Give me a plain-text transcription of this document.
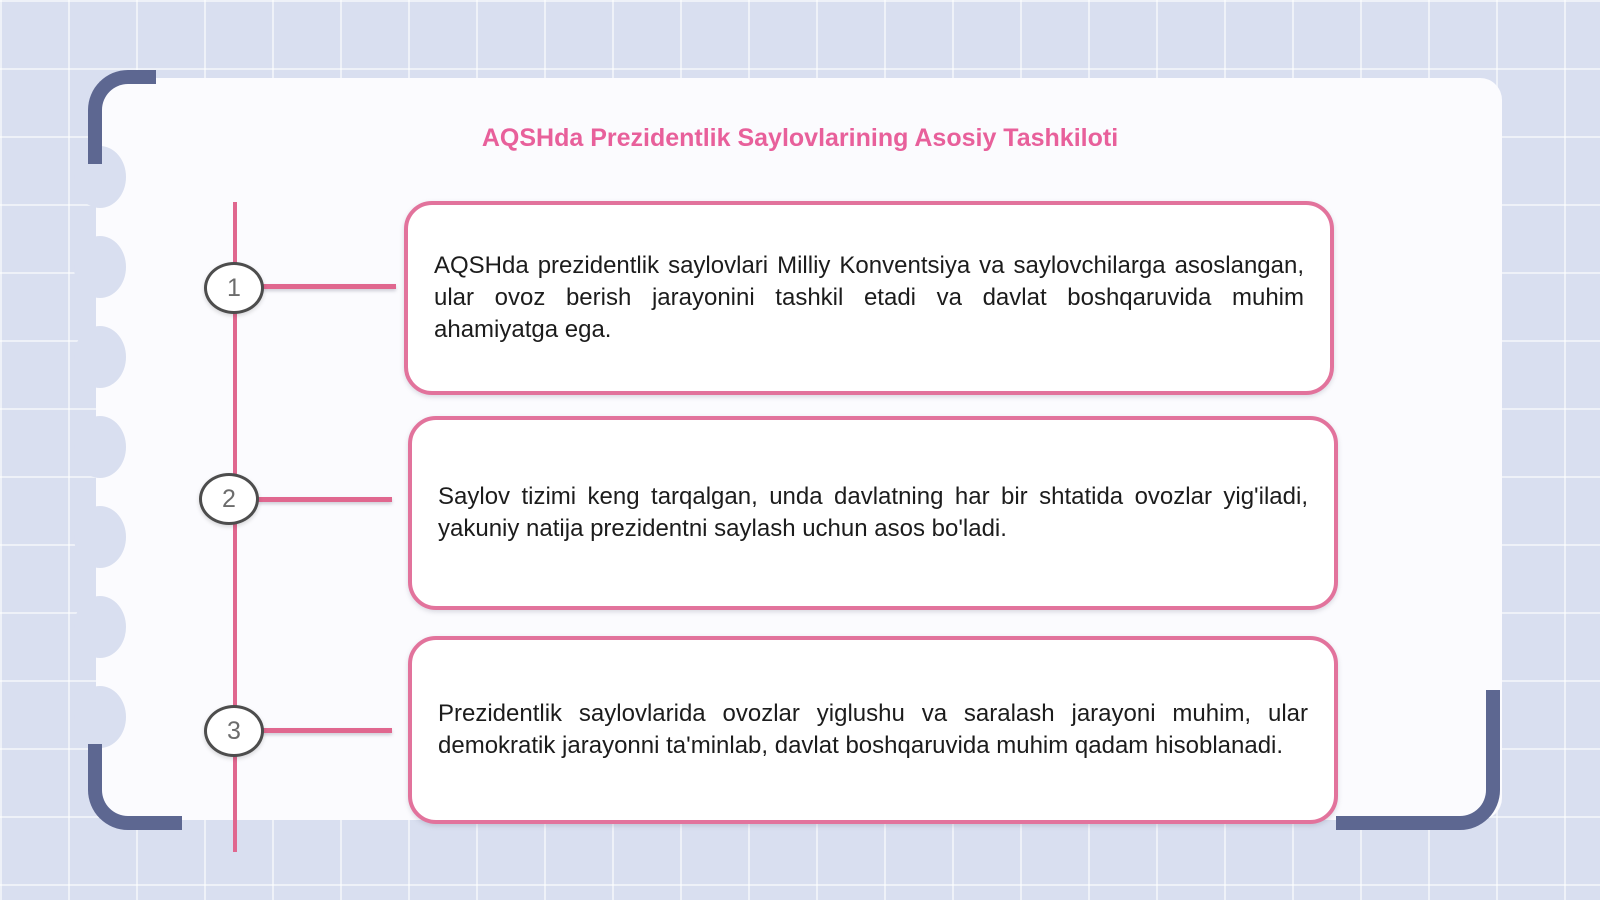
AQSHda Prezidentlik Saylovlarining Asosiy Tashkiloti
1
2
3
AQSHda prezidentlik saylovlari Milliy Konventsiya va saylovchilarga asoslangan, ular ovoz berish jarayonini tashkil etadi va davlat boshqaruvida muhim ahamiyatga ega.
Saylov tizimi keng tarqalgan, unda davlatning har bir shtatida ovozlar yig'iladi, yakuniy natija prezidentni saylash uchun asos bo'ladi.
Prezidentlik saylovlarida ovozlar yiglushu va saralash jarayoni muhim, ular demokratik jarayonni ta'minlab, davlat boshqaruvida muhim qadam hisoblanadi.
